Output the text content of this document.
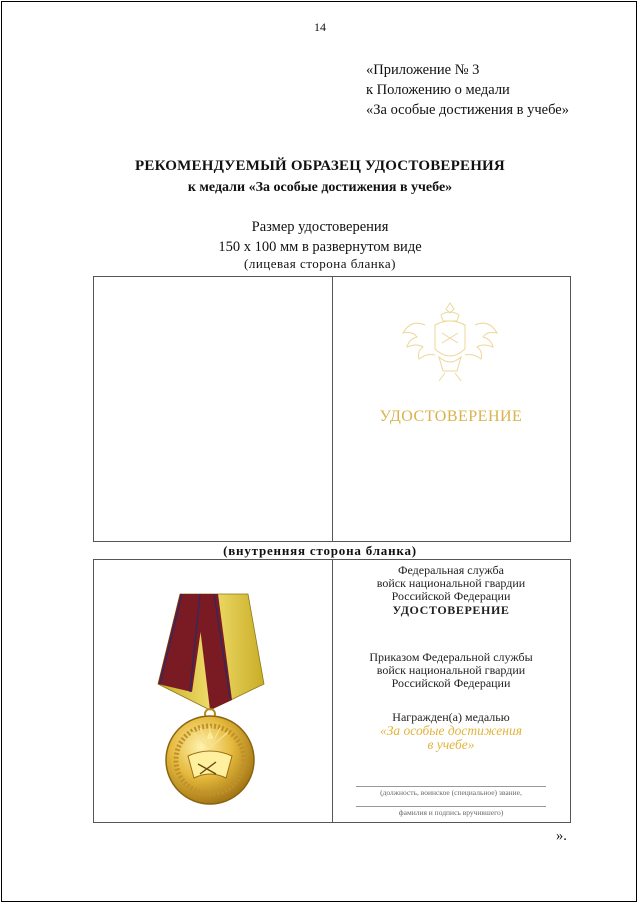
14
«Приложение № 3
к Положению о медали
«За особые достижения в учебе»
РЕКОМЕНДУЕМЫЙ ОБРАЗЕЦ УДОСТОВЕРЕНИЯ
к медали «За особые достижения в учебе»
Размер удостоверения
150 х 100 мм в развернутом виде
(лицевая сторона бланка)
УДОСТОВЕРЕНИЕ
(внутренняя сторона бланка)
Федеральная служба
войск национальной гвардии
Российской Федерации
УДОСТОВЕРЕНИЕ
Приказом Федеральной службы
войск национальной гвардии
Российской Федерации
Награжден(а) медалью
«За особые достижения
в учебе»
(должность, воинское (специальное) звание,
фамилия и подпись вручившего)
».
